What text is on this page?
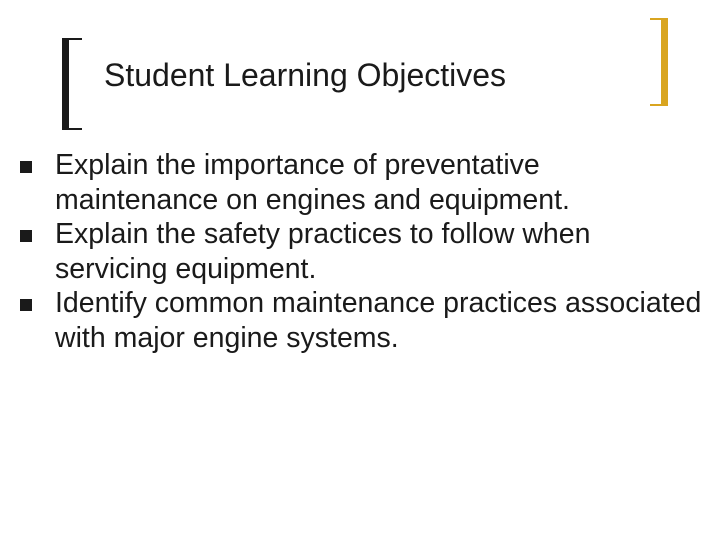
Student Learning Objectives
Explain the importance of preventative maintenance on engines and equipment.
Explain the safety practices to follow when servicing equipment.
Identify common maintenance practices associated with major engine systems.
